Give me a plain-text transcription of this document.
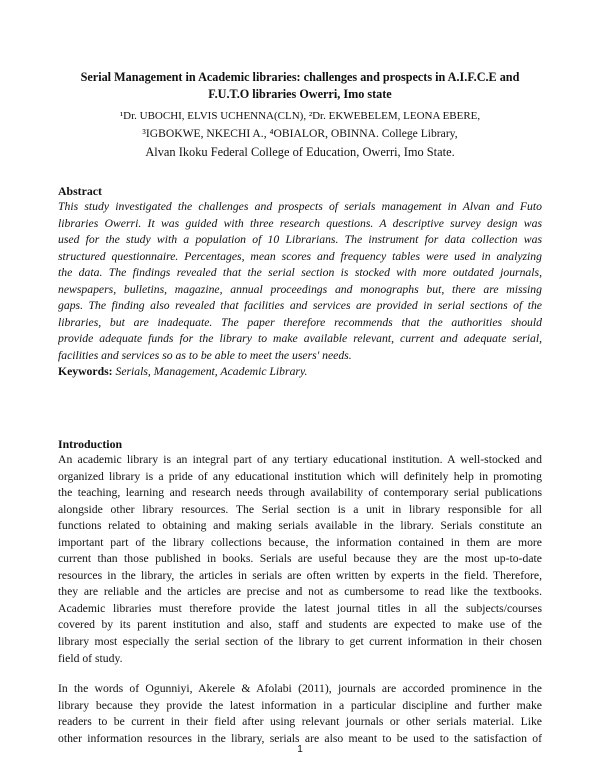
Serial Management in Academic libraries: challenges and prospects in A.I.F.C.E and
F.U.T.O libraries Owerri, Imo state
¹Dr. UBOCHI, ELVIS UCHENNA(CLN), ²Dr. EKWEBELEM, LEONA EBERE,
³IGBOKWE, NKECHI A., ⁴OBIALOR, OBINNA. College Library,
Alvan Ikoku Federal College of Education, Owerri, Imo State.
Abstract
This study investigated the challenges and prospects of serials management in Alvan and Futo
libraries Owerri. It was guided with three research questions. A descriptive survey design was
used for the study with a population of 10 Librarians. The instrument for data collection was
structured questionnaire. Percentages, mean scores and frequency tables were used in analyzing
the data. The findings revealed that the serial section is stocked with more outdated journals,
newspapers, bulletins, magazine, annual proceedings and monographs but, there are missing
gaps. The finding also revealed that facilities and services are provided in serial sections of the
libraries, but are inadequate. The paper therefore recommends that the authorities should
provide adequate funds for the library to make available relevant, current and adequate serial,
facilities and services so as to be able to meet the users' needs.
Keywords: Serials, Management, Academic Library.
Introduction
An academic library is an integral part of any tertiary educational institution. A well-stocked and
organized library is a pride of any educational institution which will definitely help in promoting
the teaching, learning and research needs through availability of contemporary serial publications
alongside other library resources. The Serial section is a unit in library responsible for all
functions related to obtaining and making serials available in the library. Serials constitute an
important part of the library collections because, the information contained in them are more
current than those published in books. Serials are useful because they are the most up-to-date
resources in the library, the articles in serials are often written by experts in the field. Therefore,
they are reliable and the articles are precise and not as cumbersome to read like the textbooks.
Academic libraries must therefore provide the latest journal titles in all the subjects/courses
covered by its parent institution and also, staff and students are expected to make use of the
library most especially the serial section of the library to get current information in their chosen
field of study.
In the words of Ogunniyi, Akerele & Afolabi (2011), journals are accorded prominence in the
library because they provide the latest information in a particular discipline and further make
readers to be current in their field after using relevant journals or other serials material. Like
other information resources in the library, serials are also meant to be used to the satisfaction of
1
